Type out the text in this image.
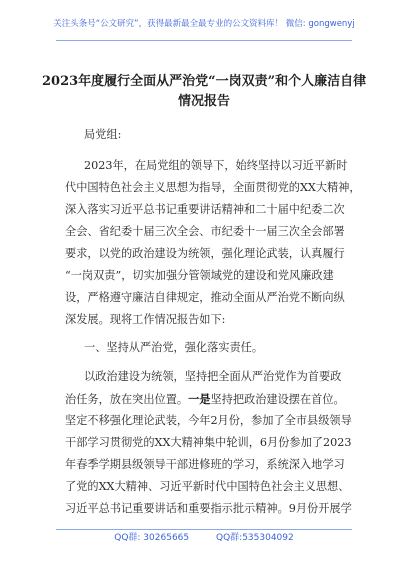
关注头条号“公文研究”，获得最新最全最专业的公文资料库！ 微信: gongwenyj
2023年度履行全面从严治党“一岗双责”和个人廉洁自律
情况报告
局党组:
2023年，在局党组的领导下，始终坚持以习近平新时
代中国特色社会主义思想为指导，全面贯彻党的XX大精神，
深入落实习近平总书记重要讲话精神和二十届中纪委二次
全会、省纪委十届三次全会、市纪委十一届三次全会部署
要求，以党的政治建设为统领，强化理论武装，认真履行
“一岗双责”，切实加强分管领域党的建设和党风廉政建
设，严格遵守廉洁自律规定，推动全面从严治党不断向纵
深发展。现将工作情况报告如下:
一、坚持从严治党，强化落实责任。
以政治建设为统领，坚持把全面从严治党作为首要政
治任务，放在突出位置。一是坚持把政治建设摆在首位。
坚定不移强化理论武装，今年2月份，参加了全市县级领导
干部学习贯彻党的XX大精神集中轮训，6月份参加了2023
年春季学期县级领导干部进修班的学习，系统深入地学习
了党的XX大精神、习近平新时代中国特色社会主义思想、
习近平总书记重要讲话和重要指示批示精神。9月份开展学
QQ群: 30265665	QQ群:535304092
